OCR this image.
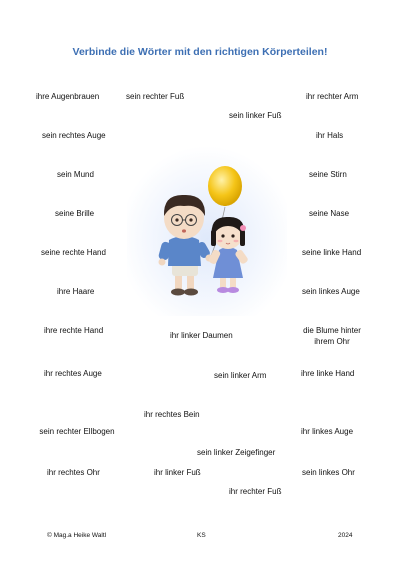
Verbinde die Wörter mit den richtigen Körperteilen!
ihre Augenbrauen	sein rechter Fuß	ihr rechter Arm
sein linker Fuß
sein rechtes Auge	ihr Hals
sein Mund	seine Stirn
seine Brille	seine Nase
seine rechte Hand	seine linke Hand
ihre Haare	sein linkes Auge
ihre rechte Hand
ihr linker Daumen
die Blume hinter ihrem Ohr
ihr rechtes Auge	sein linker Arm	ihre linke Hand
ihr rechtes Bein
sein rechter Ellbogen	ihr linkes Auge
sein linker Zeigefinger
ihr rechtes Ohr	ihr linker Fuß	sein linkes Ohr
ihr rechter Fuß
© Mag.a Heike Waltl	KS	2024
